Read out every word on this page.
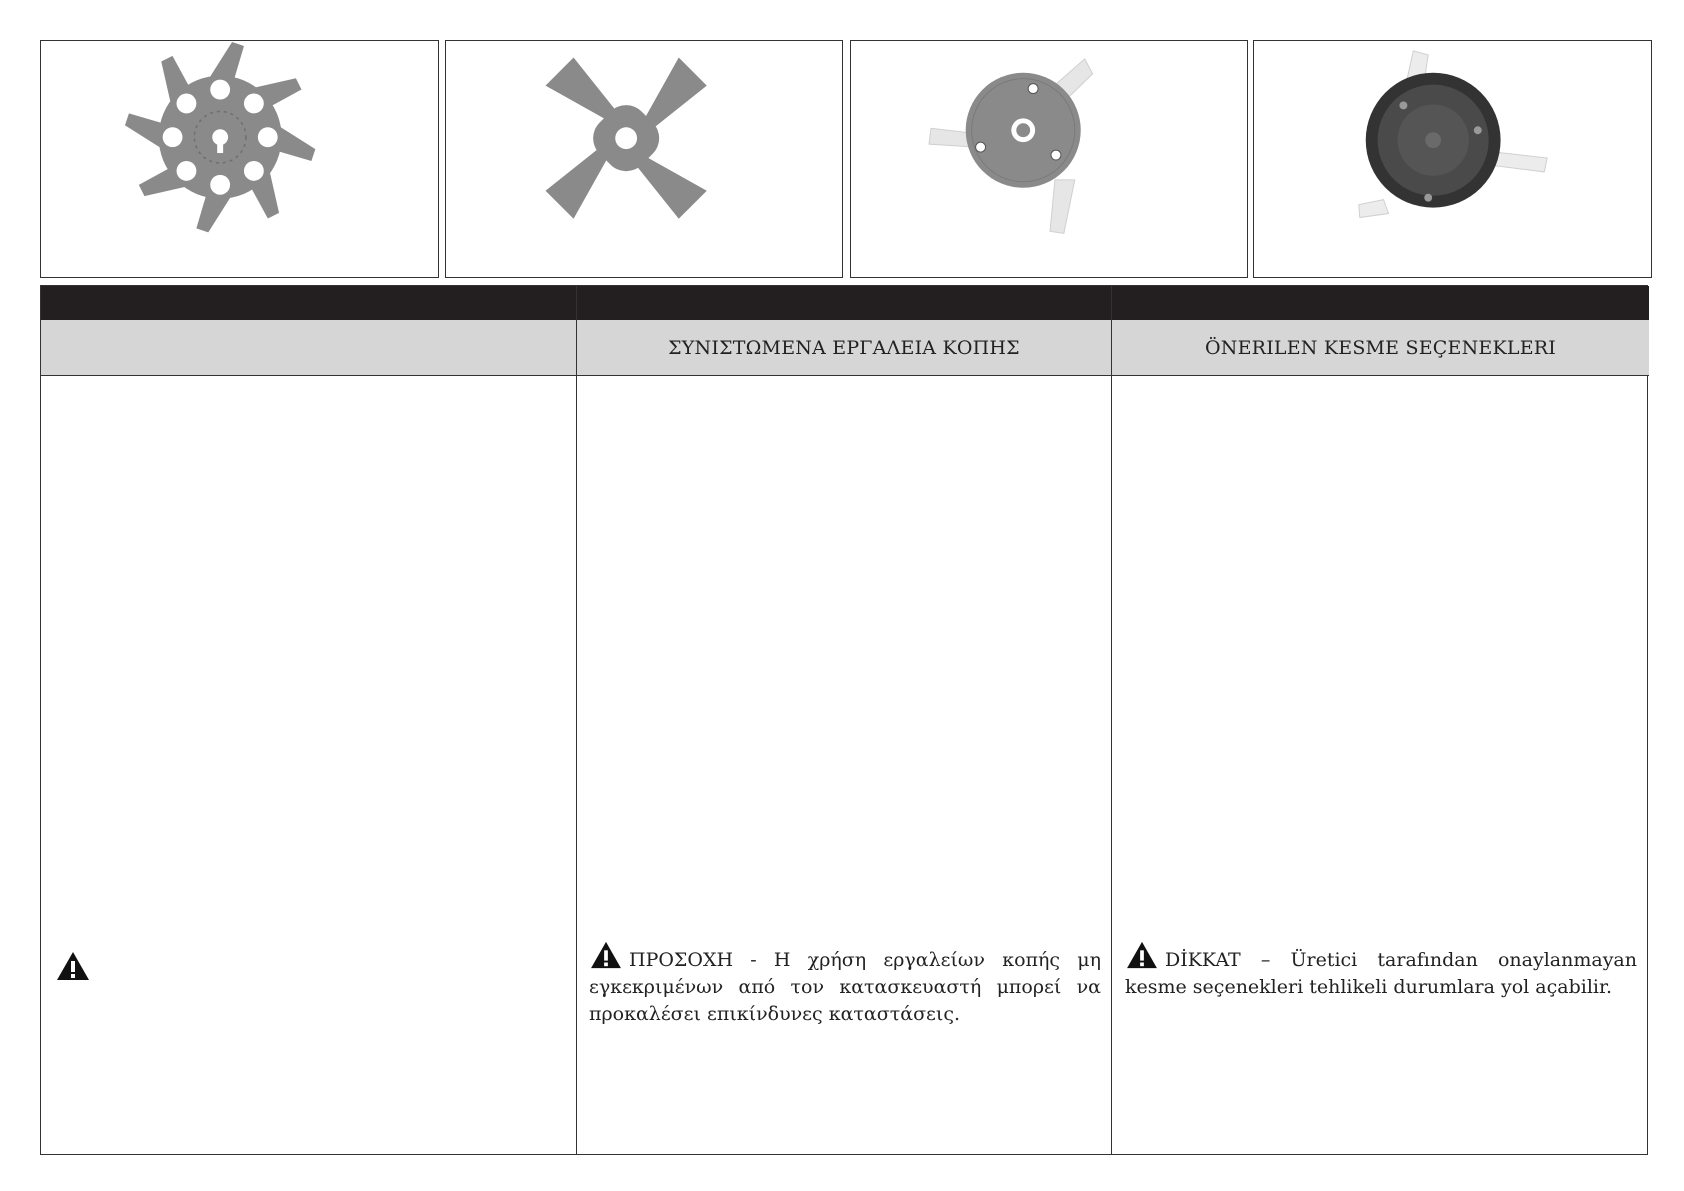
ΣΥΝΙΣΤΩΜΕΝΑ ΕΡΓΑΛΕΙΑ ΚΟΠΗΣ
ΠΡΟΣΟΧΗ - Η χρήση εργαλείων κοπής μη εγκεκριμένων από τον κατασκευαστή μπορεί να προκαλέσει επικίνδυνες καταστάσεις.
ÖNERILEN KESME SEÇENEKLERI
DİKKAT – Üretici tarafından onaylanmayan kesme seçenekleri tehlikeli durumlara yol açabilir.
